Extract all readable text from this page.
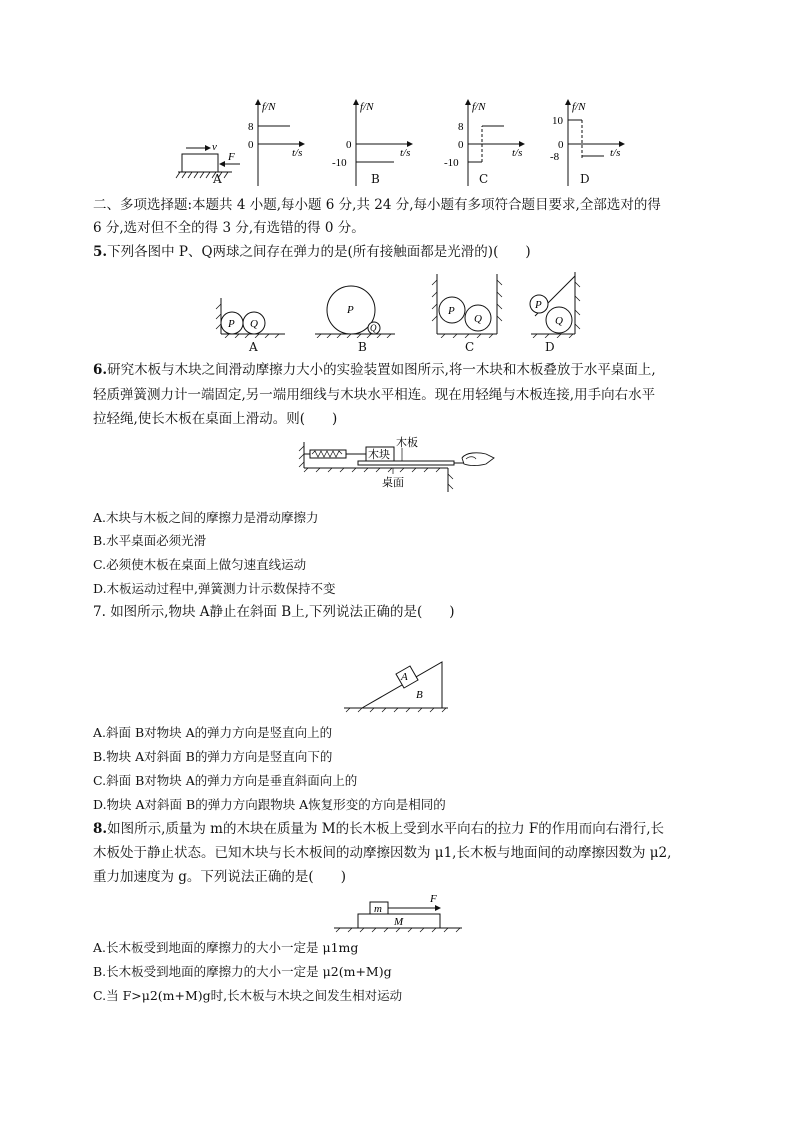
v
F
f/N
t/s
0
8
f/N
t/s
0
-10
f/N
t/s
0
8
-10
f/N
t/s
0
10
-8
A	B	C	D
二、多项选择题:本题共 4 小题,每小题 6 分,共 24 分,每小题有多项符合题目要求,全部选对的得
6 分,选对但不全的得 3 分,有选错的得 0 分。
5.下列各图中 P、Q两球之间存在弹力的是(所有接触面都是光滑的)(　　)
P Q
P
Q
P
Q
P
Q
A	B	C	D
6.研究木板与木块之间滑动摩擦力大小的实验装置如图所示,将一木块和木板叠放于水平桌面上,
轻质弹簧测力计一端固定,另一端用细线与木块水平相连。现在用轻绳与木板连接,用手向右水平
拉轻绳,使长木板在桌面上滑动。则(　　)
木块
木板
桌面
A.木块与木板之间的摩擦力是滑动摩擦力
B.水平桌面必须光滑
C.必须使木板在桌面上做匀速直线运动
D.木板运动过程中,弹簧测力计示数保持不变
7. 如图所示,物块 A静止在斜面 B上,下列说法正确的是(　　)
A
B
A.斜面 B对物块 A的弹力方向是竖直向上的
B.物块 A对斜面 B的弹力方向是竖直向下的
C.斜面 B对物块 A的弹力方向是垂直斜面向上的
D.物块 A对斜面 B的弹力方向跟物块 A恢复形变的方向是相同的
8.如图所示,质量为 m的木块在质量为 M的长木板上受到水平向右的拉力 F的作用而向右滑行,长
木板处于静止状态。已知木块与长木板间的动摩擦因数为 μ1,长木板与地面间的动摩擦因数为 μ2,
重力加速度为 g。下列说法正确的是(　　)
m
M
F
A.长木板受到地面的摩擦力的大小一定是 μ1mg
B.长木板受到地面的摩擦力的大小一定是 μ2(m+M)g
C.当 F>μ2(m+M)g时,长木板与木块之间发生相对运动
